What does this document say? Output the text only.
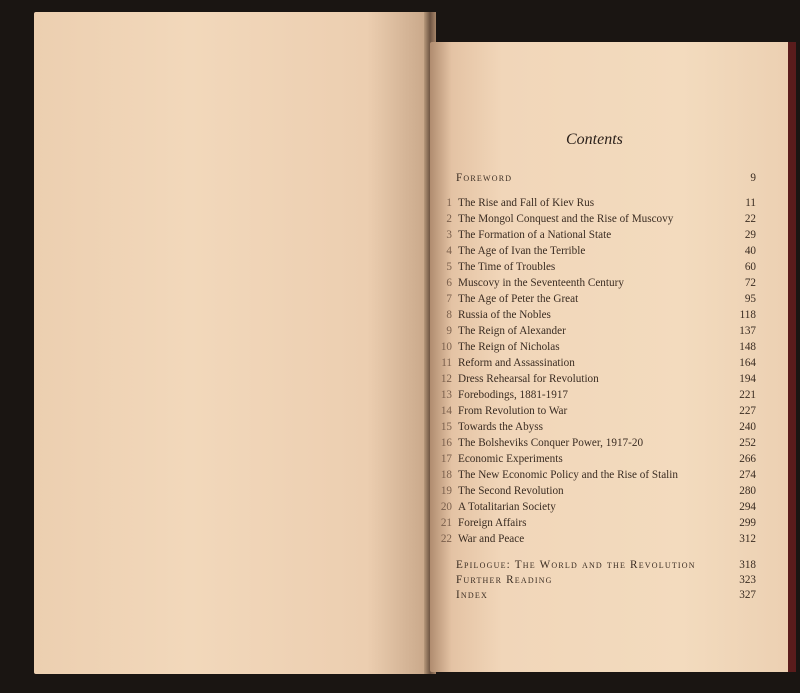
Contents
Foreword	9
1 The Rise and Fall of Kiev Rus	11
2 The Mongol Conquest and the Rise of Muscovy	22
3 The Formation of a National State	29
4 The Age of Ivan the Terrible	40
5 The Time of Troubles	60
6 Muscovy in the Seventeenth Century	72
7 The Age of Peter the Great	95
8 Russia of the Nobles	118
9 The Reign of Alexander	137
10 The Reign of Nicholas	148
11 Reform and Assassination	164
12 Dress Rehearsal for Revolution	194
13 Forebodings, 1881-1917	221
14 From Revolution to War	227
15 Towards the Abyss	240
16 The Bolsheviks Conquer Power, 1917-20	252
17 Economic Experiments	266
18 The New Economic Policy and the Rise of Stalin	274
19 The Second Revolution	280
20 A Totalitarian Society	294
21 Foreign Affairs	299
22 War and Peace	312
Epilogue: The World and the Revolution	318
Further Reading	323
Index	327
